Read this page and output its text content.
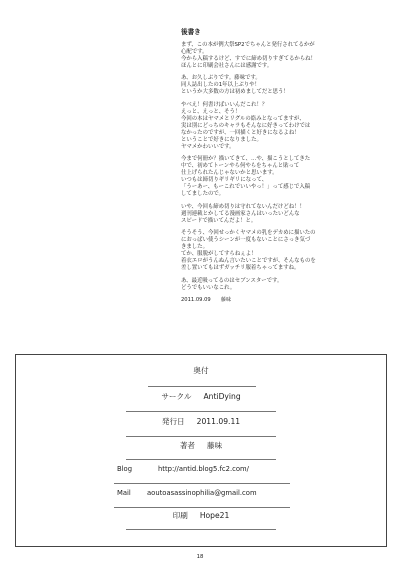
後書き
まず、この本が例大祭SP2でちゃんと発行されてるかが
心配です。
今から入稿するけど、すでに締め切りすぎてるからね！
ほんとに印刷会社さんには感謝です。
あ、お久しぶりです。藤味です。
同人誌出したの1年以上ぶりや！
というか大多数の方は初めましてだと思う！
やべえ！何書けばいいんだこれ！？
えっと、えっと、そう！
今回の本はヤマメとリグルの絡みとなってますが、
実は別にどっちのキャラもそんなに好きってわけでは
なかったのですが、一回描くと好きになるよね！
ということで好きになりました。
ヤマメかわいいです。
今まで何冊か？描いてきて、…や、描こうとしてきた
中で、初めてトーンやら何やらをちゃんと貼って
仕上げられたんじゃないかと思います。
いつもは締切りギリギリになって、
「うーあー、もーこれでいいやっ！」って感じで入稿
してましたので。
いや、今回も締め切りは守れてないんだけどね！！
週刊連載とかしてる漫画家さんはいったいどんな
スピードで描いてんだよ！と。
そうそう、今回せっかくヤマメの乳をデカめに描いたの
におっぱい使うシーンが一度もないことにさっき気づ
きました。
てか、服脱がしてすらねぇよ！
着衣エロがうんぬん言いたいことですが、そんなものを
差し置いてもはずガッチリ服着ちゃってますね。
あ、最近吸ってるのはセブンスターです。
どうでもいいなこれ。
2011.09.09 藤味
奥付
サークル AntiDying
発行日 2011.09.11
著者 藤味
Blog	http://antid.blog5.fc2.com/
Mail aoutoasassinophilia@gmail.com
印刷 Hope21
18
